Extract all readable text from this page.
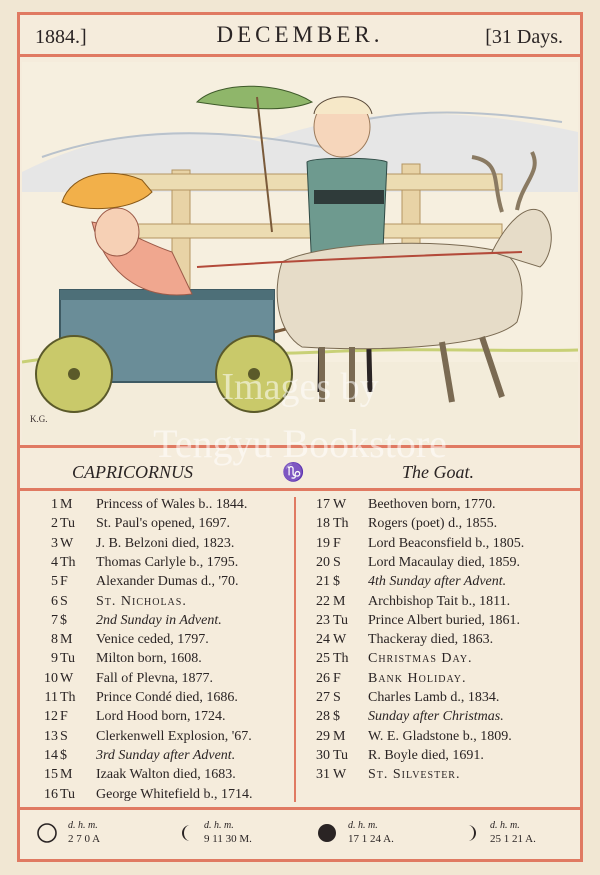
1884.]	DECEMBER.	[31 Days.
K.G.
CAPRICORNUS	♑	The Goat.
1 M	Princess of Wales b.. 1844.
2 Tu	St. Paul's opened, 1697.
3 W	J. B. Belzoni died, 1823.
4 Th	Thomas Carlyle b., 1795.
5 F	Alexander Dumas d., '70.
6 S	St. Nicholas.
7 $	2nd Sunday in Advent.
8 M	Venice ceded, 1797.
9 Tu	Milton born, 1608.
10 W	Fall of Plevna, 1877.
11 Th	Prince Condé died, 1686.
12 F	Lord Hood born, 1724.
13 S	Clerkenwell Explosion, '67.
14 $	3rd Sunday after Advent.
15 M	Izaak Walton died, 1683.
16 Tu	George Whitefield b., 1714.
17 W	Beethoven born, 1770.
18 Th	Rogers (poet) d., 1855.
19 F	Lord Beaconsfield b., 1805.
20 S	Lord Macaulay died, 1859.
21 $	4th Sunday after Advent.
22 M	Archbishop Tait b., 1811.
23 Tu	Prince Albert buried, 1861.
24 W	Thackeray died, 1863.
25 Th	Christmas Day.
26 F	Bank Holiday.
27 S	Charles Lamb d., 1834.
28 $	Sunday after Christmas.
29 M	W. E. Gladstone b., 1809.
30 Tu	R. Boyle died, 1691.
31 W	St. Silvester.
d. h. m.
2 7 0 A
d. h. m.
9 11 30 M.
d. h. m.
17 1 24 A.
d. h. m.
25 1 21 A.
Images by
Tengyu Bookstore
